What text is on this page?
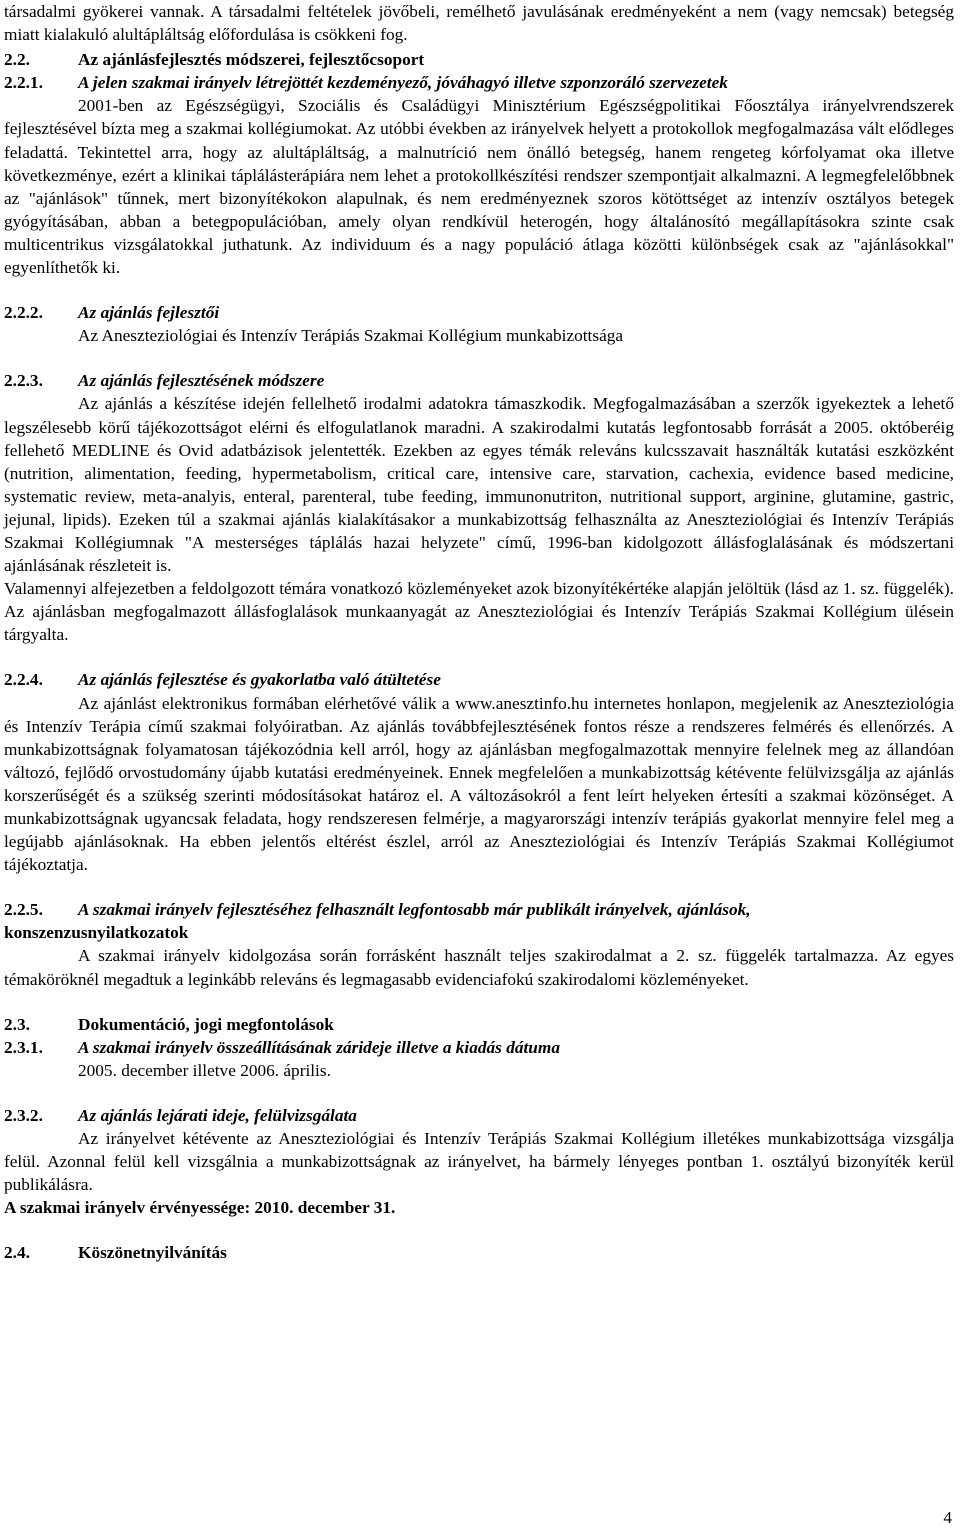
társadalmi gyökerei vannak. A társadalmi feltételek jövőbeli, remélhető javulásának eredményeként a nem (vagy nemcsak) betegség miatt kialakuló alultápláltság előfordulása is csökkeni fog.

2.2.	Az ajánlásfejlesztés módszerei, fejlesztőcsoport

2.2.1. A jelen szakmai irányelv létrejöttét kezdeményező, jóváhagyó illetve szponzoráló szervezetek
2001-ben az Egészségügyi, Szociális és Családügyi Minisztérium Egészségpolitikai Főosztálya irányelvrendszerek fejlesztésével bízta meg a szakmai kollégiumokat. Az utóbbi években az irányelvek helyett a protokollok megfogalmazása vált elődleges feladattá. Tekintettel arra, hogy az alultápláltság, a malnutríció nem önálló betegség, hanem rengeteg kórfolyamat oka illetve következménye, ezért a klinikai táplálásterápiára nem lehet a protokollkészítési rendszer szempontjait alkalmazni. A legmegfelelőbbnek az "ajánlások" tűnnek, mert bizonyítékokon alapulnak, és nem eredményeznek szoros kötöttséget az intenzív osztályos betegek gyógyításában, abban a betegpopulációban, amely olyan rendkívül heterogén, hogy általánosító megállapításokra szinte csak multicentrikus vizsgálatokkal juthatunk. Az individuum és a nagy populáció átlaga közötti különbségek csak az "ajánlásokkal" egyenlíthetők ki.

2.2.2.	Az ajánlás fejlesztői

Az Aneszteziológiai és Intenzív Terápiás Szakmai Kollégium munkabizottsága

2.2.3.	Az ajánlás fejlesztésének módszere

Az ajánlás a készítése idején fellelhető irodalmi adatokra támaszkodik. Megfogalmazásában a szerzők igyekeztek a lehető legszélesebb körű tájékozottságot elérni és elfogulatlanok maradni. A szakirodalmi kutatás legfontosabb forrását a 2005. októberéig fellehető MEDLINE és Ovid adatbázisok jelentették. Ezekben az egyes témák releváns kulcsszavait használták kutatási eszközként (nutrition, alimentation, feeding, hypermetabolism, critical care, intensive care, starvation, cachexia, evidence based medicine, systematic review, meta-analyis, enteral, parenteral, tube feeding, immunonutriton, nutritional support, arginine, glutamine, gastric, jejunal, lipids). Ezeken túl a szakmai ajánlás kialakításakor a munkabizottság felhasználta az Aneszteziológiai és Intenzív Terápiás Szakmai Kollégiumnak "A mesterséges táplálás hazai helyzete" című, 1996-ban kidolgozott állásfoglalásának és módszertani ajánlásának részleteit is.

Valamennyi alfejezetben a feldolgozott témára vonatkozó közleményeket azok bizonyítékértéke alapján jelöltük (lásd az 1. sz. függelék). Az ajánlásban megfogalmazott állásfoglalások munkaanyagát az Aneszteziológiai és Intenzív Terápiás Szakmai Kollégium ülésein tárgyalta.

2.2.4.	Az ajánlás fejlesztése és gyakorlatba való átültetése

Az ajánlást elektronikus formában elérhetővé válik a www.anesztinfo.hu internetes honlapon, megjelenik az Aneszteziológia és Intenzív Terápia című szakmai folyóiratban. Az ajánlás továbbfejlesztésének fontos része a rendszeres felmérés és ellenőrzés. A munkabizottságnak folyamatosan tájékozódnia kell arról, hogy az ajánlásban megfogalmazottak mennyire felelnek meg az állandóan változó, fejlődő orvostudomány újabb kutatási eredményeinek. Ennek megfelelően a munkabizottság kétévente felülvizsgálja az ajánlás korszerűségét és a szükség szerinti módosításokat határoz el. A változásokról a fent leírt helyeken értesíti a szakmai közönséget. A munkabizottságnak ugyancsak feladata, hogy rendszeresen felmérje, a magyarországi intenzív terápiás gyakorlat mennyire felel meg a legújabb ajánlásoknak. Ha ebben jelentős eltérést észlel, arról az Aneszteziológiai és Intenzív Terápiás Szakmai Kollégiumot tájékoztatja.

2.2.5. A szakmai irányelv fejlesztéséhez felhasznált legfontosabb már publikált irányelvek, ajánlások,
konszenzusnyilatkozatok

A szakmai irányelv kidolgozása során forrásként használt teljes szakirodalmat a 2. sz. függelék tartalmazza. Az egyes témaköröknél megadtuk a leginkább releváns és legmagasabb evidenciafokú szakirodalomi közleményeket.

2.3.	Dokumentáció, jogi megfontolások
2.3.1.	A szakmai irányelv összeállításának zárideje illetve a kiadás dátuma

2005. december illetve 2006. április.

2.3.2.	Az ajánlás lejárati ideje, felülvizsgálata

Az irányelvet kétévente az Aneszteziológiai és Intenzív Terápiás Szakmai Kollégium illetékes munkabizottsága vizsgálja felül. Azonnal felül kell vizsgálnia a munkabizottságnak az irányelvet, ha bármely lényeges pontban 1. osztályú bizonyíték kerül publikálásra.

A szakmai irányelv érvényessége: 2010. december 31.

2.4.	Köszönetnyilvánítás
4
